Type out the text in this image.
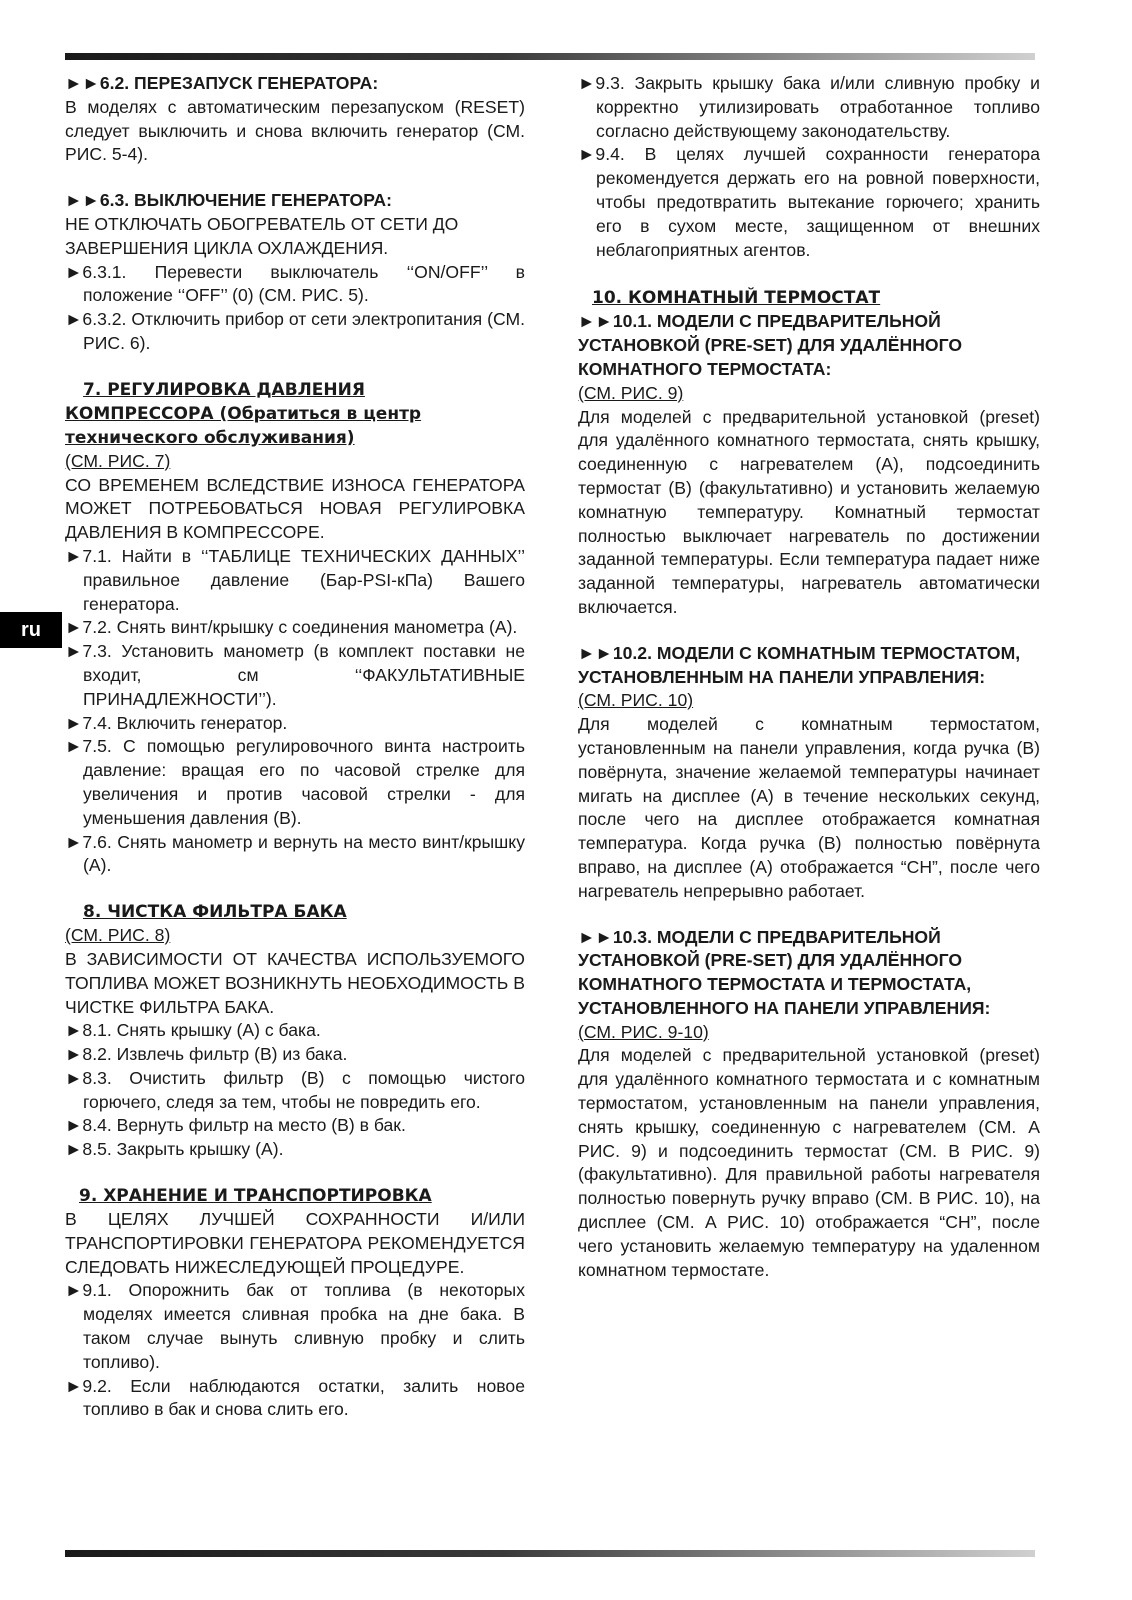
ru

►►6.2. ПЕРЕЗАПУСК ГЕНЕРАТОРА:

В моделях с автоматическим перезапуском (RESET) следует выключить и снова включить генератор (СМ. РИС. 5-4).

►►6.3. ВЫКЛЮЧЕНИЕ ГЕНЕРАТОРА:

НЕ ОТКЛЮЧАТЬ ОБОГРЕВАТЕЛЬ ОТ СЕТИ ДО ЗАВЕРШЕНИЯ ЦИКЛА ОХЛАЖДЕНИЯ.

►6.3.1. Перевести выключатель ‘‘ON/OFF’’ в положение ‘‘OFF’’ (0) (СМ. РИС. 5).

►6.3.2. Отключить прибор от сети электропитания (СМ. РИС. 6).

7. РЕГУЛИРОВКА ДАВЛЕНИЯ

КОМПРЕССОРА (Обратиться в центр

технического обслуживания)

(СМ. РИС. 7)

СО ВРЕМЕНЕМ ВСЛЕДСТВИЕ ИЗНОСА ГЕНЕРАТОРА МОЖЕТ ПОТРЕБОВАТЬСЯ НОВАЯ РЕГУЛИРОВКА ДАВЛЕНИЯ В КОМПРЕССОРЕ.

►7.1. Найти в ‘‘ТАБЛИЦЕ ТЕХНИЧЕСКИХ ДАННЫХ’’ правильное давление (Бар-PSI-кПа) Вашего генератора.

►7.2. Снять винт/крышку с соединения манометра (А).

►7.3. Установить манометр (в комплект поставки не входит, см ‘‘ФАКУЛЬТАТИВНЫЕ ПРИНАДЛЕЖНОСТИ’’).

►7.4. Включить генератор.

►7.5. С помощью регулировочного винта настроить давление: вращая его по часовой стрелке для увеличения и против часовой стрелки - для уменьшения давления (В).

►7.6. Снять манометр и вернуть на место винт/крышку (А).

8. ЧИСТКА ФИЛЬТРА БАКА

(СМ. РИС. 8)

В ЗАВИСИМОСТИ ОТ КАЧЕСТВА ИСПОЛЬЗУЕМОГО ТОПЛИВА МОЖЕТ ВОЗНИКНУТЬ НЕОБХОДИМОСТЬ В ЧИСТКЕ ФИЛЬТРА БАКА.

►8.1. Снять крышку (А) с бака.

►8.2. Извлечь фильтр (В) из бака.

►8.3. Очистить фильтр (В) с помощью чистого горючего, следя за тем, чтобы не повредить его.

►8.4. Вернуть фильтр на место (В) в бак.

►8.5. Закрыть крышку (А).

9. ХРАНЕНИЕ И ТРАНСПОРТИРОВКА

В ЦЕЛЯХ ЛУЧШЕЙ СОХРАННОСТИ И/ИЛИ ТРАНСПОРТИРОВКИ ГЕНЕРАТОРА РЕКОМЕНДУЕТСЯ СЛЕДОВАТЬ НИЖЕСЛЕДУЮЩЕЙ ПРОЦЕДУРЕ.

►9.1. Опорожнить бак от топлива (в некоторых моделях имеется сливная пробка на дне бака. В таком случае вынуть сливную пробку и слить топливо).

►9.2. Если наблюдаются остатки, залить новое топливо в бак и снова слить его.

►9.3. Закрыть крышку бака и/или сливную пробку и корректно утилизировать отработанное топливо согласно действующему законодательству.

►9.4. В целях лучшей сохранности генератора рекомендуется держать его на ровной поверхности, чтобы предотвратить вытекание горючего; хранить его в сухом месте, защищенном от внешних неблагоприятных агентов.

10. КОМНАТНЫЙ ТЕРМОСТАТ

►►10.1. МОДЕЛИ С ПРЕДВАРИТЕЛЬНОЙ УСТАНОВКОЙ (PRE-SET) ДЛЯ УДАЛЁННОГО КОМНАТНОГО ТЕРМОСТАТА:

(СМ. РИС. 9)

Для моделей с предварительной установкой (preset) для удалённого комнатного термостата, снять крышку, соединенную с нагревателем (А), подсоединить термостат (В) (факультативно) и установить желаемую комнатную температуру. Комнатный термостат полностью выключает нагреватель по достижении заданной температуры. Если температура падает ниже заданной температуры, нагреватель автоматически включается.

►►10.2. МОДЕЛИ С КОМНАТНЫМ ТЕРМОСТАТОМ, УСТАНОВЛЕННЫМ НА ПАНЕЛИ УПРАВЛЕНИЯ:

(СМ. РИС. 10)

Для моделей с комнатным термостатом, установленным на панели управления, когда ручка (В) повёрнута, значение желаемой температуры начинает мигать на дисплее (А) в течение нескольких секунд, после чего на дисплее отображается комнатная температура. Когда ручка (В) полностью повёрнута вправо, на дисплее (А) отображается “CH”, после чего нагреватель непрерывно работает.

►►10.3. МОДЕЛИ С ПРЕДВАРИТЕЛЬНОЙ УСТАНОВКОЙ (PRE-SET) ДЛЯ УДАЛЁННОГО КОМНАТНОГО ТЕРМОСТАТА И ТЕРМОСТАТА, УСТАНОВЛЕННОГО НА ПАНЕЛИ УПРАВЛЕНИЯ:

(СМ. РИС. 9-10)

Для моделей с предварительной установкой (preset) для удалённого комнатного термостата и с комнатным термостатом, установленным на панели управления, снять крышку, соединенную с нагревателем (СМ. А РИС. 9) и подсоединить термостат (СМ. В РИС. 9) (факультативно). Для правильной работы нагревателя полностью повернуть ручку вправо (СМ. В РИС. 10), на дисплее (СМ. А РИС. 10) отображается “CH”, после чего установить желаемую температуру на удаленном комнатном термостате.
